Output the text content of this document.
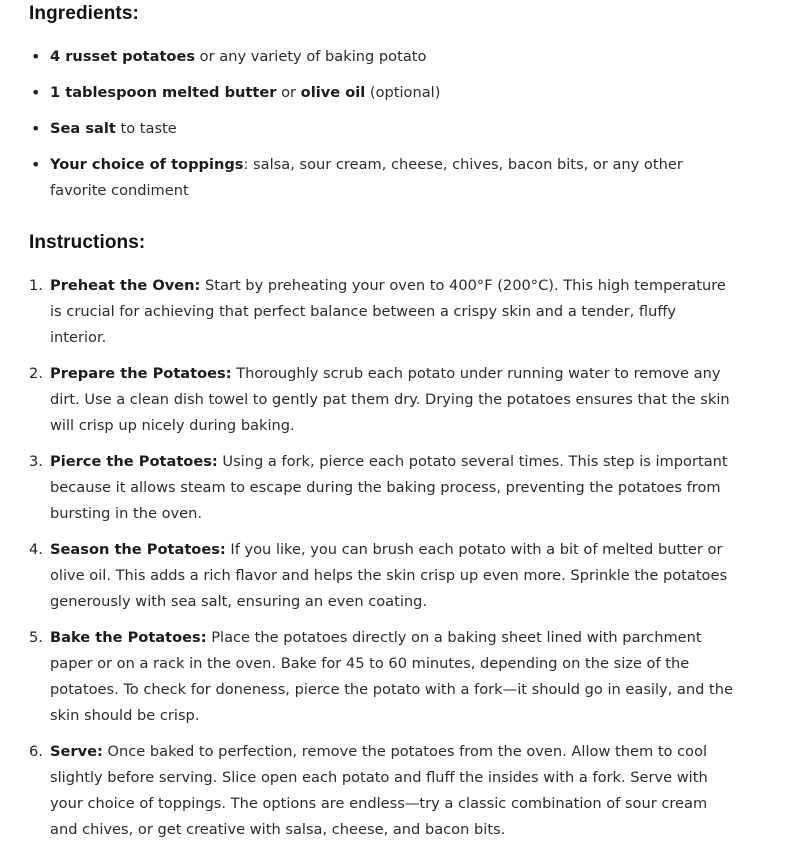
Ingredients:
• 4 russet potatoes or any variety of baking potato
• 1 tablespoon melted butter or olive oil (optional)
• Sea salt to taste
• Your choice of toppings: salsa, sour cream, cheese, chives, bacon bits, or any other favorite condiment
Instructions:
1. Preheat the Oven: Start by preheating your oven to 400°F (200°C). This high temperature is crucial for achieving that perfect balance between a crispy skin and a tender, fluffy interior.
2. Prepare the Potatoes: Thoroughly scrub each potato under running water to remove any dirt. Use a clean dish towel to gently pat them dry. Drying the potatoes ensures that the skin will crisp up nicely during baking.
3. Pierce the Potatoes: Using a fork, pierce each potato several times. This step is important because it allows steam to escape during the baking process, preventing the potatoes from bursting in the oven.
4. Season the Potatoes: If you like, you can brush each potato with a bit of melted butter or olive oil. This adds a rich flavor and helps the skin crisp up even more. Sprinkle the potatoes generously with sea salt, ensuring an even coating.
5. Bake the Potatoes: Place the potatoes directly on a baking sheet lined with parchment paper or on a rack in the oven. Bake for 45 to 60 minutes, depending on the size of the potatoes. To check for doneness, pierce the potato with a fork—it should go in easily, and the skin should be crisp.
6. Serve: Once baked to perfection, remove the potatoes from the oven. Allow them to cool slightly before serving. Slice open each potato and fluff the insides with a fork. Serve with your choice of toppings. The options are endless—try a classic combination of sour cream and chives, or get creative with salsa, cheese, and bacon bits.
